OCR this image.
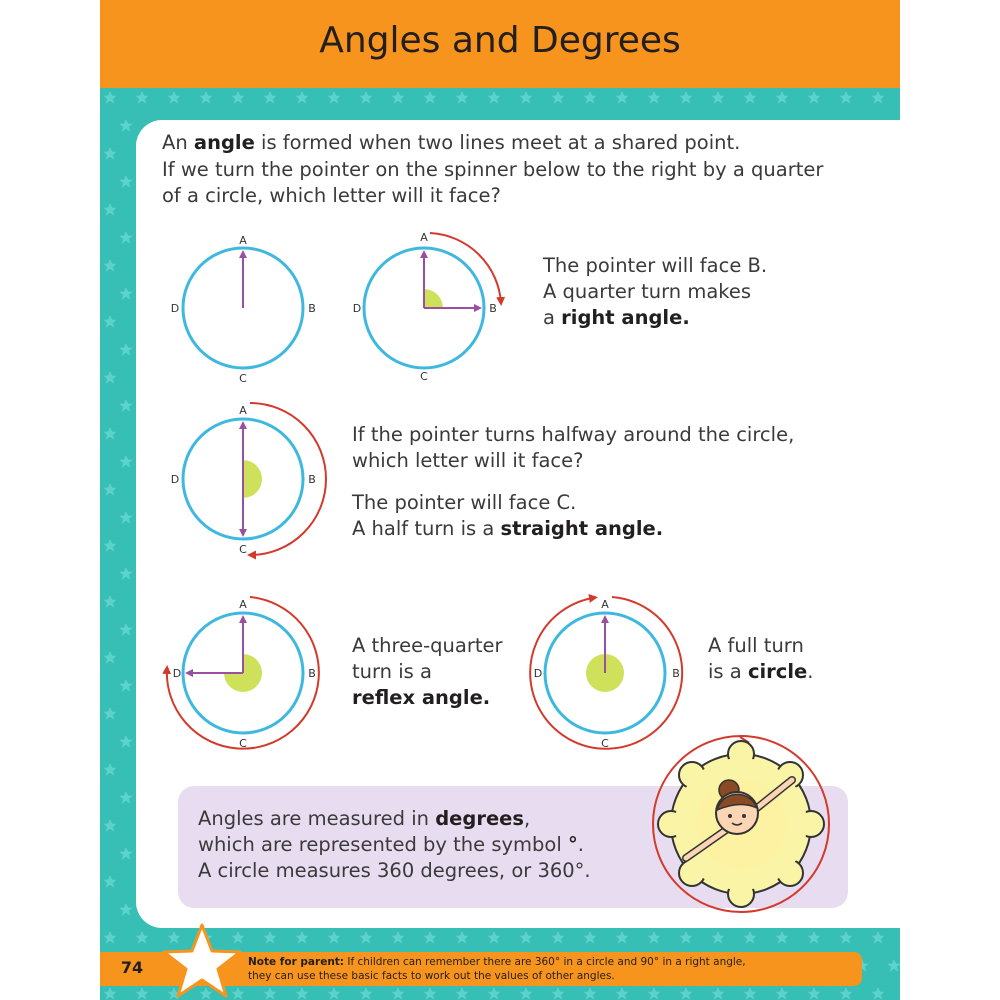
Angles and Degrees
An angle is formed when two lines meet at a shared point.
If we turn the pointer on the spinner below to the right by a quarter
of a circle, which letter will it face?
The pointer will face B.
A quarter turn makes
a right angle.
If the pointer turns halfway around the circle,
which letter will it face?
The pointer will face C.
A half turn is a straight angle.
A three-quarter
turn is a
reflex angle.
A full turn
is a circle.
Angles are measured in degrees,
which are represented by the symbol °.
A circle measures 360 degrees, or 360°.
A
B
C
D
A
B
C
D
A
B
C
D
A
B
C
D
A
B
C
D
74	Note for parent: If children can remember there are 360° in a circle and 90° in a right angle,
they can use these basic facts to work out the values of other angles.
